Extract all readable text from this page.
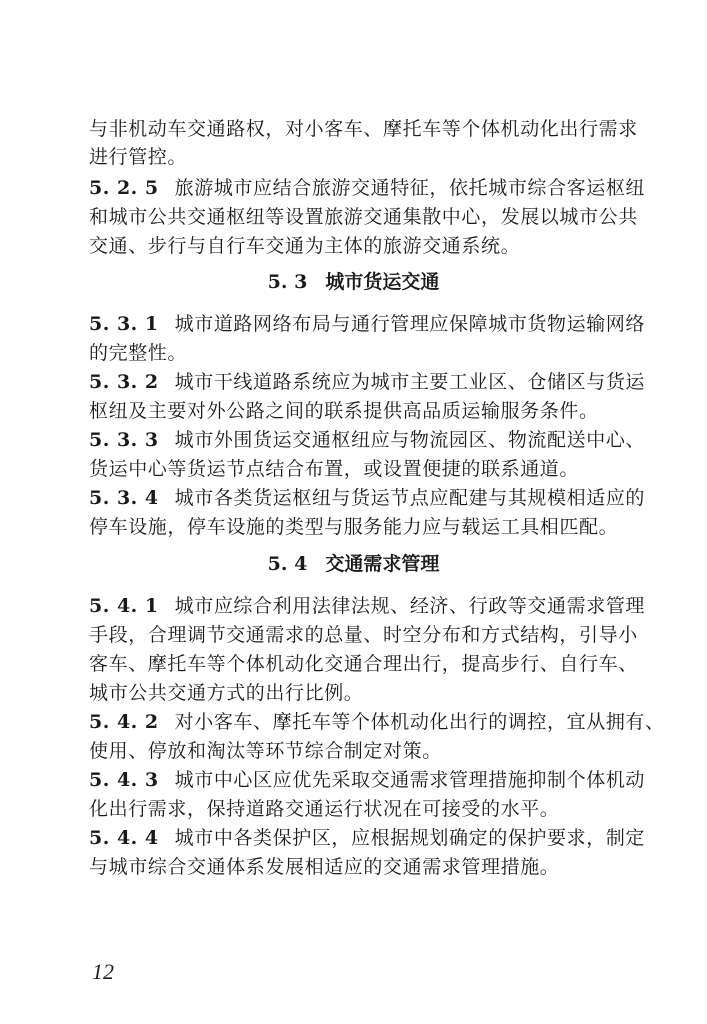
与非机动车交通路权，对小客车、摩托车等个体机动化出行需求
进行管控。
5. 2. 5 旅游城市应结合旅游交通特征，依托城市综合客运枢纽
和城市公共交通枢纽等设置旅游交通集散中心，发展以城市公共
交通、步行与自行车交通为主体的旅游交通系统。
5. 3 城市货运交通
5. 3. 1 城市道路网络布局与通行管理应保障城市货物运输网络
的完整性。
5. 3. 2 城市干线道路系统应为城市主要工业区、仓储区与货运
枢纽及主要对外公路之间的联系提供高品质运输服务条件。
5. 3. 3 城市外围货运交通枢纽应与物流园区、物流配送中心、
货运中心等货运节点结合布置，或设置便捷的联系通道。
5. 3. 4 城市各类货运枢纽与货运节点应配建与其规模相适应的
停车设施，停车设施的类型与服务能力应与载运工具相匹配。
5. 4 交通需求管理
5. 4. 1 城市应综合利用法律法规、经济、行政等交通需求管理
手段，合理调节交通需求的总量、时空分布和方式结构，引导小
客车、摩托车等个体机动化交通合理出行，提高步行、自行车、
城市公共交通方式的出行比例。
5. 4. 2 对小客车、摩托车等个体机动化出行的调控，宜从拥有、
使用、停放和淘汰等环节综合制定对策。
5. 4. 3 城市中心区应优先采取交通需求管理措施抑制个体机动
化出行需求，保持道路交通运行状况在可接受的水平。
5. 4. 4 城市中各类保护区，应根据规划确定的保护要求，制定
与城市综合交通体系发展相适应的交通需求管理措施。
12
